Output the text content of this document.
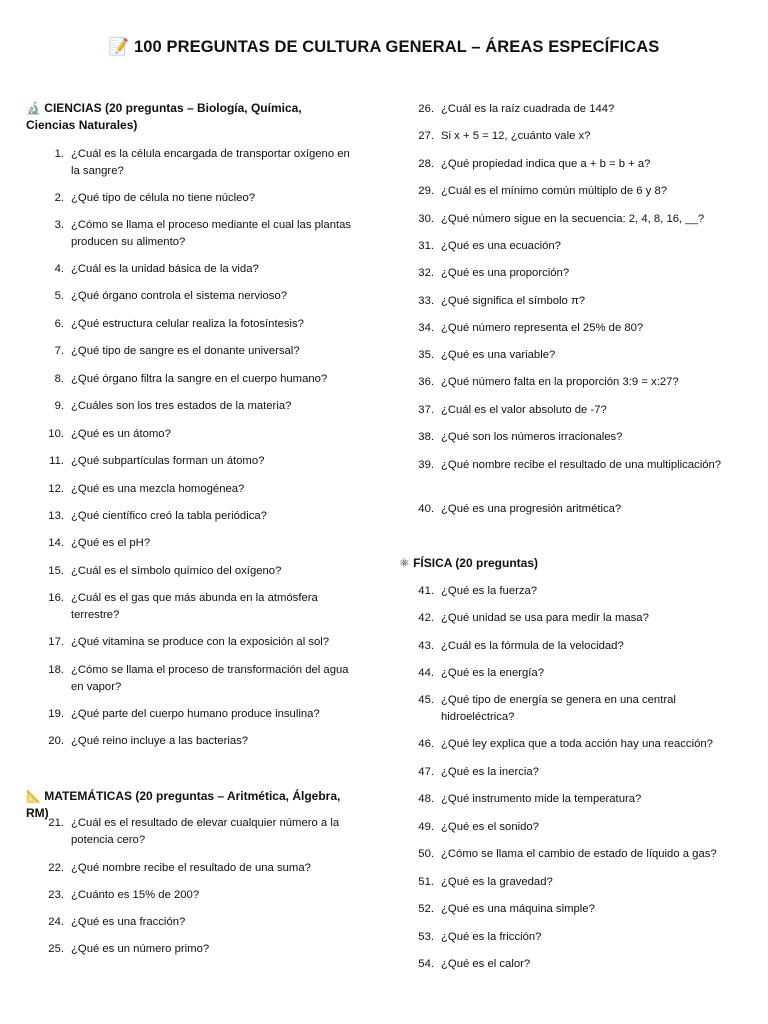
📝 100 PREGUNTAS DE CULTURA GENERAL – ÁREAS ESPECÍFICAS
🔬 CIENCIAS (20 preguntas – Biología, Química, Ciencias Naturales)
1. ¿Cuál es la célula encargada de transportar oxígeno en la sangre?
2. ¿Qué tipo de célula no tiene núcleo?
3. ¿Cómo se llama el proceso mediante el cual las plantas producen su alimento?
4. ¿Cuál es la unidad básica de la vida?
5. ¿Qué órgano controla el sistema nervioso?
6. ¿Qué estructura celular realiza la fotosíntesis?
7. ¿Qué tipo de sangre es el donante universal?
8. ¿Qué órgano filtra la sangre en el cuerpo humano?
9. ¿Cuáles son los tres estados de la materia?
10. ¿Qué es un átomo?
11. ¿Qué subpartículas forman un átomo?
12. ¿Qué es una mezcla homogénea?
13. ¿Qué científico creó la tabla periódica?
14. ¿Qué es el pH?
15. ¿Cuál es el símbolo químico del oxígeno?
16. ¿Cuál es el gas que más abunda en la atmósfera terrestre?
17. ¿Qué vitamina se produce con la exposición al sol?
18. ¿Cómo se llama el proceso de transformación del agua en vapor?
19. ¿Qué parte del cuerpo humano produce insulina?
20. ¿Qué reino incluye a las bacterias?
📐 MATEMÁTICAS (20 preguntas – Aritmética, Álgebra, RM)
21. ¿Cuál es el resultado de elevar cualquier número a la potencia cero?
22. ¿Qué nombre recibe el resultado de una suma?
23. ¿Cuánto es 15% de 200?
24. ¿Qué es una fracción?
25. ¿Qué es un número primo?
26. ¿Cuál es la raíz cuadrada de 144?
27. Si x + 5 = 12, ¿cuánto vale x?
28. ¿Qué propiedad indica que a + b = b + a?
29. ¿Cuál es el mínimo común múltiplo de 6 y 8?
30. ¿Qué número sigue en la secuencia: 2, 4, 8, 16, __?
31. ¿Qué es una ecuación?
32. ¿Qué es una proporción?
33. ¿Qué significa el símbolo π?
34. ¿Qué número representa el 25% de 80?
35. ¿Qué es una variable?
36. ¿Qué número falta en la proporción 3:9 = x:27?
37. ¿Cuál es el valor absoluto de -7?
38. ¿Qué son los números irracionales?
39. ¿Qué nombre recibe el resultado de una multiplicación?
40. ¿Qué es una progresión aritmética?
⚛ FÍSICA (20 preguntas)
41. ¿Qué es la fuerza?
42. ¿Qué unidad se usa para medir la masa?
43. ¿Cuál es la fórmula de la velocidad?
44. ¿Qué es la energía?
45. ¿Qué tipo de energía se genera en una central hidroeléctrica?
46. ¿Qué ley explica que a toda acción hay una reacción?
47. ¿Qué es la inercia?
48. ¿Qué instrumento mide la temperatura?
49. ¿Qué es el sonido?
50. ¿Cómo se llama el cambio de estado de líquido a gas?
51. ¿Qué es la gravedad?
52. ¿Qué es una máquina simple?
53. ¿Qué es la fricción?
54. ¿Qué es el calor?
